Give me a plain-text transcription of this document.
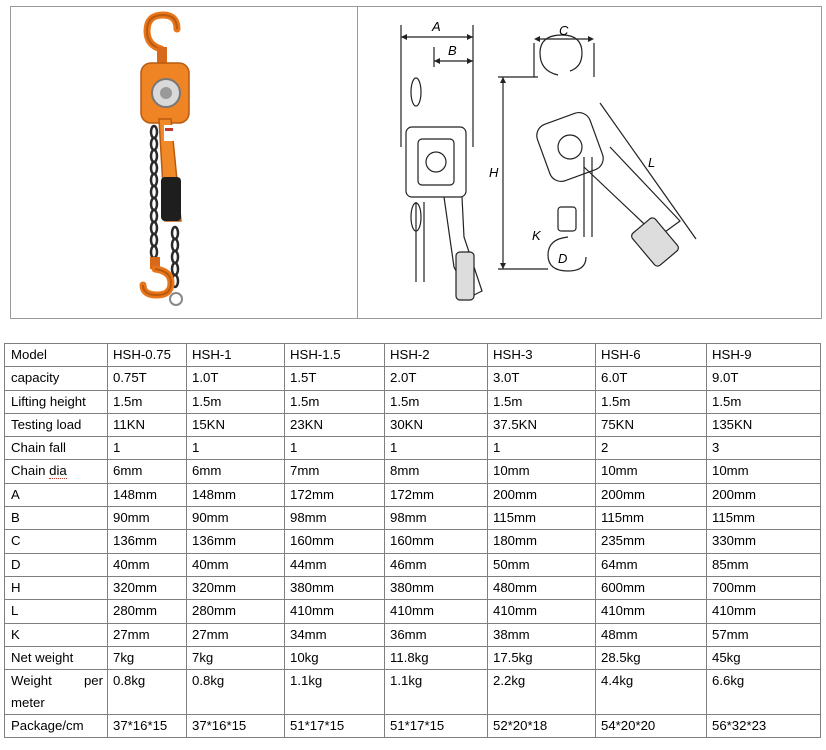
A
B
C
H
L
K
D
Model	HSH-0.75	HSH-1	HSH-1.5	HSH-2	HSH-3	HSH-6	HSH-9
capacity	0.75T	1.0T	1.5T	2.0T	3.0T	6.0T	9.0T
Lifting height	1.5m	1.5m	1.5m	1.5m	1.5m	1.5m	1.5m
Testing load	11KN	15KN	23KN	30KN	37.5KN	75KN	135KN
Chain fall	1	1	1	1	1	2	3
Chain dia	6mm	6mm	7mm	8mm	10mm	10mm	10mm
A	148mm	148mm	172mm	172mm	200mm	200mm	200mm
B	90mm	90mm	98mm	98mm	115mm	115mm	115mm
C	136mm	136mm	160mm	160mm	180mm	235mm	330mm
D	40mm	40mm	44mm	46mm	50mm	64mm	85mm
H	320mm	320mm	380mm	380mm	480mm	600mm	700mm
L	280mm	280mm	410mm	410mm	410mm	410mm	410mm
K	27mm	27mm	34mm	36mm	38mm	48mm	57mm
Net weight	7kg	7kg	10kg	11.8kg	17.5kg	28.5kg	45kg

Weight per
meter	0.8kg	0.8kg	1.1kg	1.1kg	2.2kg	4.4kg	6.6kg
Package/cm	37*16*15	37*16*15	51*17*15	51*17*15	52*20*18	54*20*20	56*32*23
